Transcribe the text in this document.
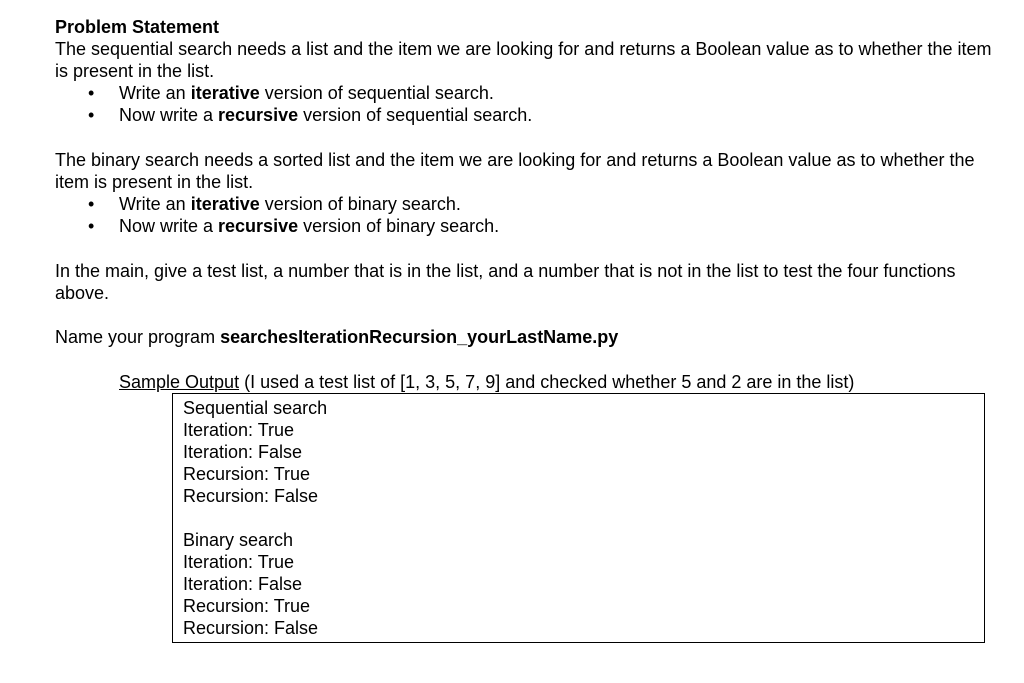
Problem Statement

The sequential search needs a list and the item we are looking for and returns a Boolean value as to whether the item is present in the list.

• Write an iterative version of sequential search.
• Now write a recursive version of sequential search.

The binary search needs a sorted list and the item we are looking for and returns a Boolean value as to whether the item is present in the list.

• Write an iterative version of binary search.
• Now write a recursive version of binary search.

In the main, give a test list, a number that is in the list, and a number that is not in the list to test the four functions above.

Name your program searchesIterationRecursion_yourLastName.py

Sample Output (I used a test list of [1, 3, 5, 7, 9] and checked whether 5 and 2 are in the list)

Sequential search
Iteration: True
Iteration: False
Recursion: True
Recursion: False
Binary search
Iteration: True
Iteration: False
Recursion: True
Recursion: False
